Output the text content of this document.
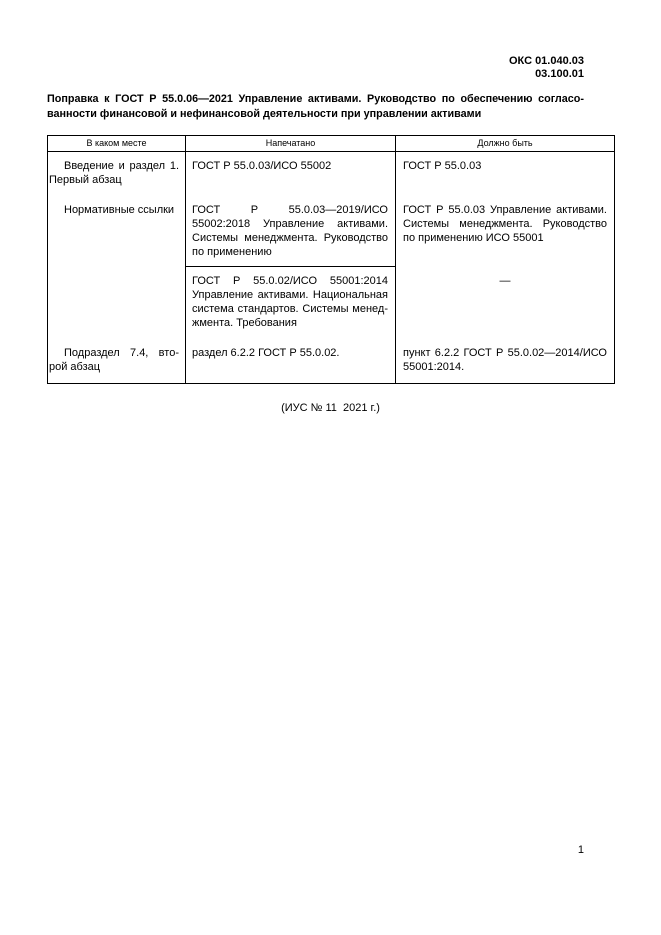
ОКС 01.040.03
03.100.01

Поправка к ГОСТ Р 55.0.06—2021 Управление активами. Руководство по обеспечению согласованности финансовой и нефинансовой деятельности при управлении активами

В каком месте	Напечатано	Должно быть
Введение и раздел 1. Первый абзац	ГОСТ Р 55.0.03/ИСО 55002	ГОСТ Р 55.0.03
Нормативные ссылки	ГОСТ Р 55.0.03—2019/ИСО 55002:2018 Управление активами. Системы менеджмента. Руководство по применению	ГОСТ Р 55.0.03 Управление активами. Системы менеджмента. Руководство по применению ИСО 55001
	ГОСТ Р 55.0.02/ИСО 55001:2014 Управление активами. Национальная система стандартов. Системы менеджмента. Требования	—
Подраздел 7.4, второй абзац	раздел 6.2.2 ГОСТ Р 55.0.02.	пункт 6.2.2 ГОСТ Р 55.0.02—2014/​ИСО 55001:2014.

(ИУС № 11  2021 г.)

1
